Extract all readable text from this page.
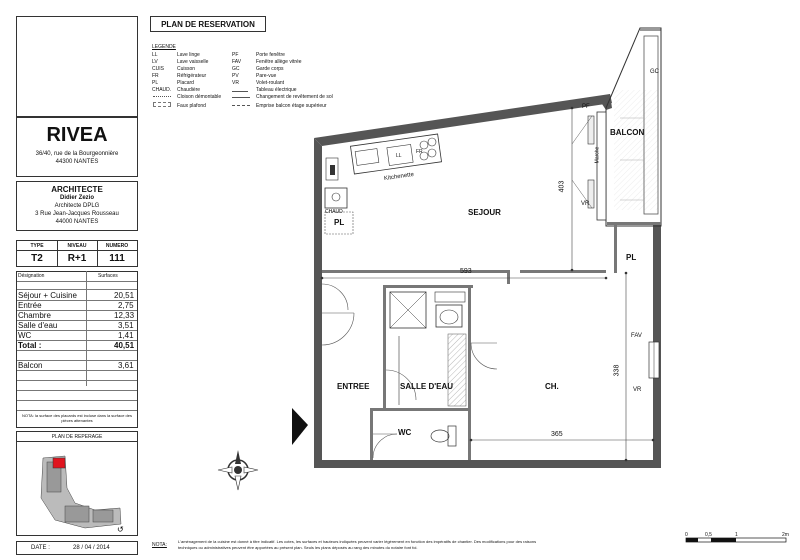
RIVEA
36/40, rue de la Bourgeonnière
44300 NANTES
ARCHITECTE
Didier Zezio
Architecte DPLG
3 Rue Jean-Jacques Rousseau
44000 NANTES
TYPE	NIVEAU	NUMERO
T2	R+1	111
Désignation	Surfaces
Séjour + Cuisine	20,51
Entrée	2,75
Chambre	12,33
Salle d'eau	3,51
WC	1,41
Total :	40,51
Balcon	3,61
NOTA: la surface des placards est incluse dans la surface des pièces attenantes
PLAN DE REPERAGE
↺
DATE :	28 / 04 / 2014
PLAN DE RESERVATION
LEGENDE
LL	Lave linge	PF	Porte fenêtre
LV	Lave vaisselle	FAV	Fenêtre allège vitrée
CUIS	Cuisson	GC	Garde corps
FR	Réfrigérateur	PV	Pare-vue
PL	Placard	VR	Volet-roulant
CHAUD. Chaudière	Tableau électrique
Cloison démontable	Changement de revêtement de sol
Faux plafond	Emprise balcon étage supérieur
SEJOUR
BALCON
ENTREE	SALLE D'EAU	CH.
WC
PL
PL
Kitchenette
CHAUD
LL
FR
PF
VR
GC
FAV
VR
Marche
403
593
338
365
0	0,5	1	2m
NOTA:
L'aménagement de la cuisine est donné à titre indicatif. Les cotes, les surfaces et hauteurs indiquées peuvent varier légèrement en fonction des impératifs de chantier. Des modifications pour des raisons techniques ou administratives peuvent être apportées au présent plan. Seuls les plans déposés au rang des minutes du notaire font foi.
